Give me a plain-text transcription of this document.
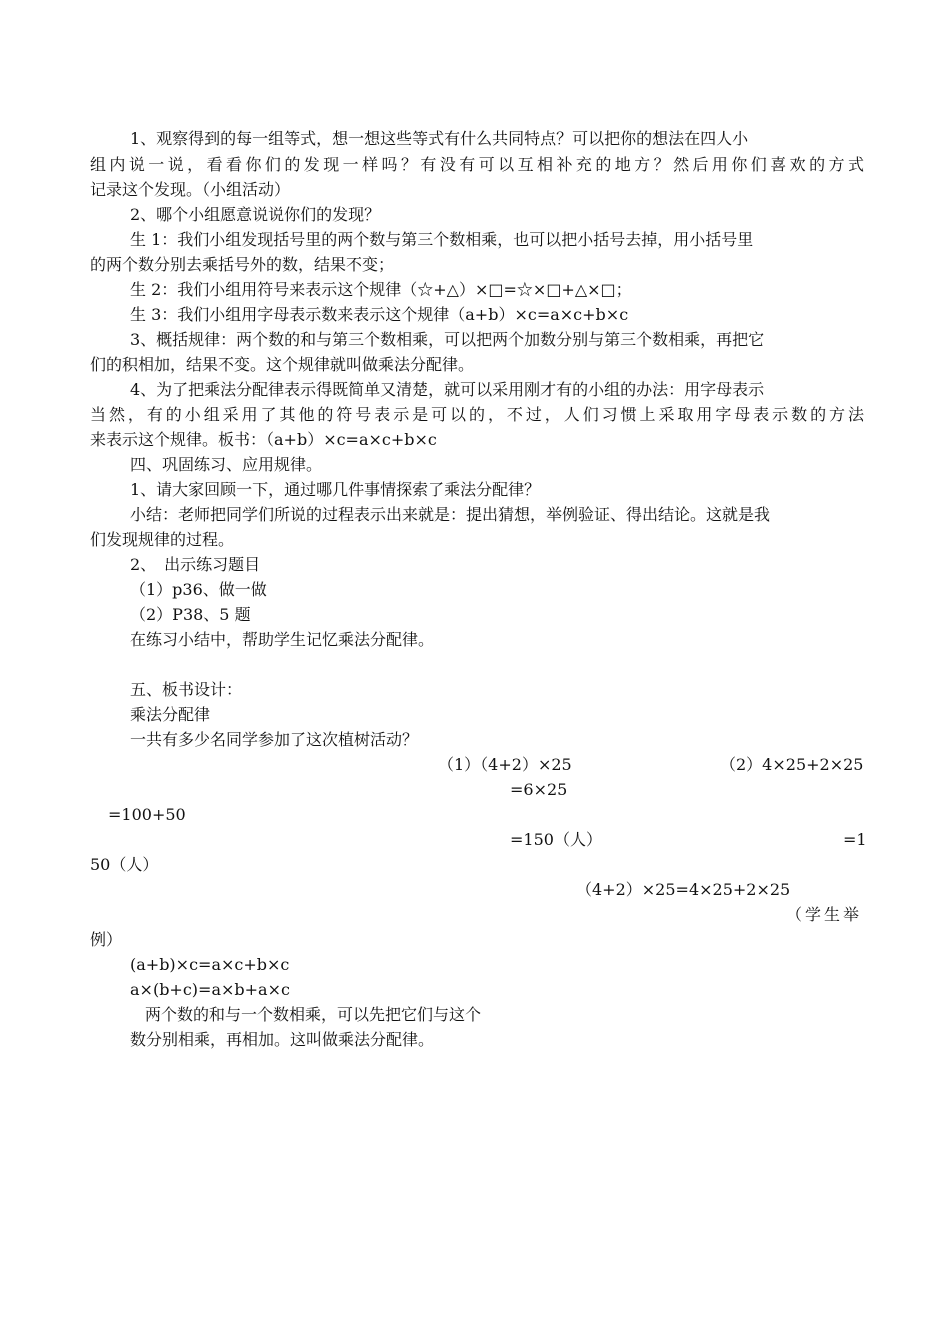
1、观察得到的每一组等式，想一想这些等式有什么共同特点？可以把你的想法在四人小
组内说一说，看看你们的发现一样吗？有没有可以互相补充的地方？然后用你们喜欢的方式
记录这个发现。（小组活动）
2、哪个小组愿意说说你们的发现？
生 1：我们小组发现括号里的两个数与第三个数相乘，也可以把小括号去掉，用小括号里
的两个数分别去乘括号外的数，结果不变；
生 2：我们小组用符号来表示这个规律（☆+△）×□=☆×□+△×□；
生 3：我们小组用字母表示数来表示这个规律（a+b）×c=a×c+b×c
3、概括规律：两个数的和与第三个数相乘，可以把两个加数分别与第三个数相乘，再把它
们的积相加，结果不变。这个规律就叫做乘法分配律。
4、为了把乘法分配律表示得既简单又清楚，就可以采用刚才有的小组的办法：用字母表示
当然，有的小组采用了其他的符号表示是可以的，不过，人们习惯上采取用字母表示数的方法
来表示这个规律。板书：（a+b）×c=a×c+b×c
四、巩固练习、应用规律。
1、请大家回顾一下，通过哪几件事情探索了乘法分配律？
小结：老师把同学们所说的过程表示出来就是：提出猜想，举例验证、得出结论。这就是我
们发现规律的过程。
2、　出示练习题目
（1）p36、做一做
（2）P38、5 题
在练习小结中，帮助学生记忆乘法分配律。
五、板书设计：
乘法分配律
一共有多少名同学参加了这次植树活动？
（1）（4+2）×25	（2）4×25+2×25
=6×25
=100+50
=150（人）	=1
50（人）
（4+2）×25=4×25+2×25
（学生举
例）
(a+b)×c=a×c+b×c
a×(b+c)=a×b+a×c
两个数的和与一个数相乘，可以先把它们与这个
数分别相乘，再相加。这叫做乘法分配律。
